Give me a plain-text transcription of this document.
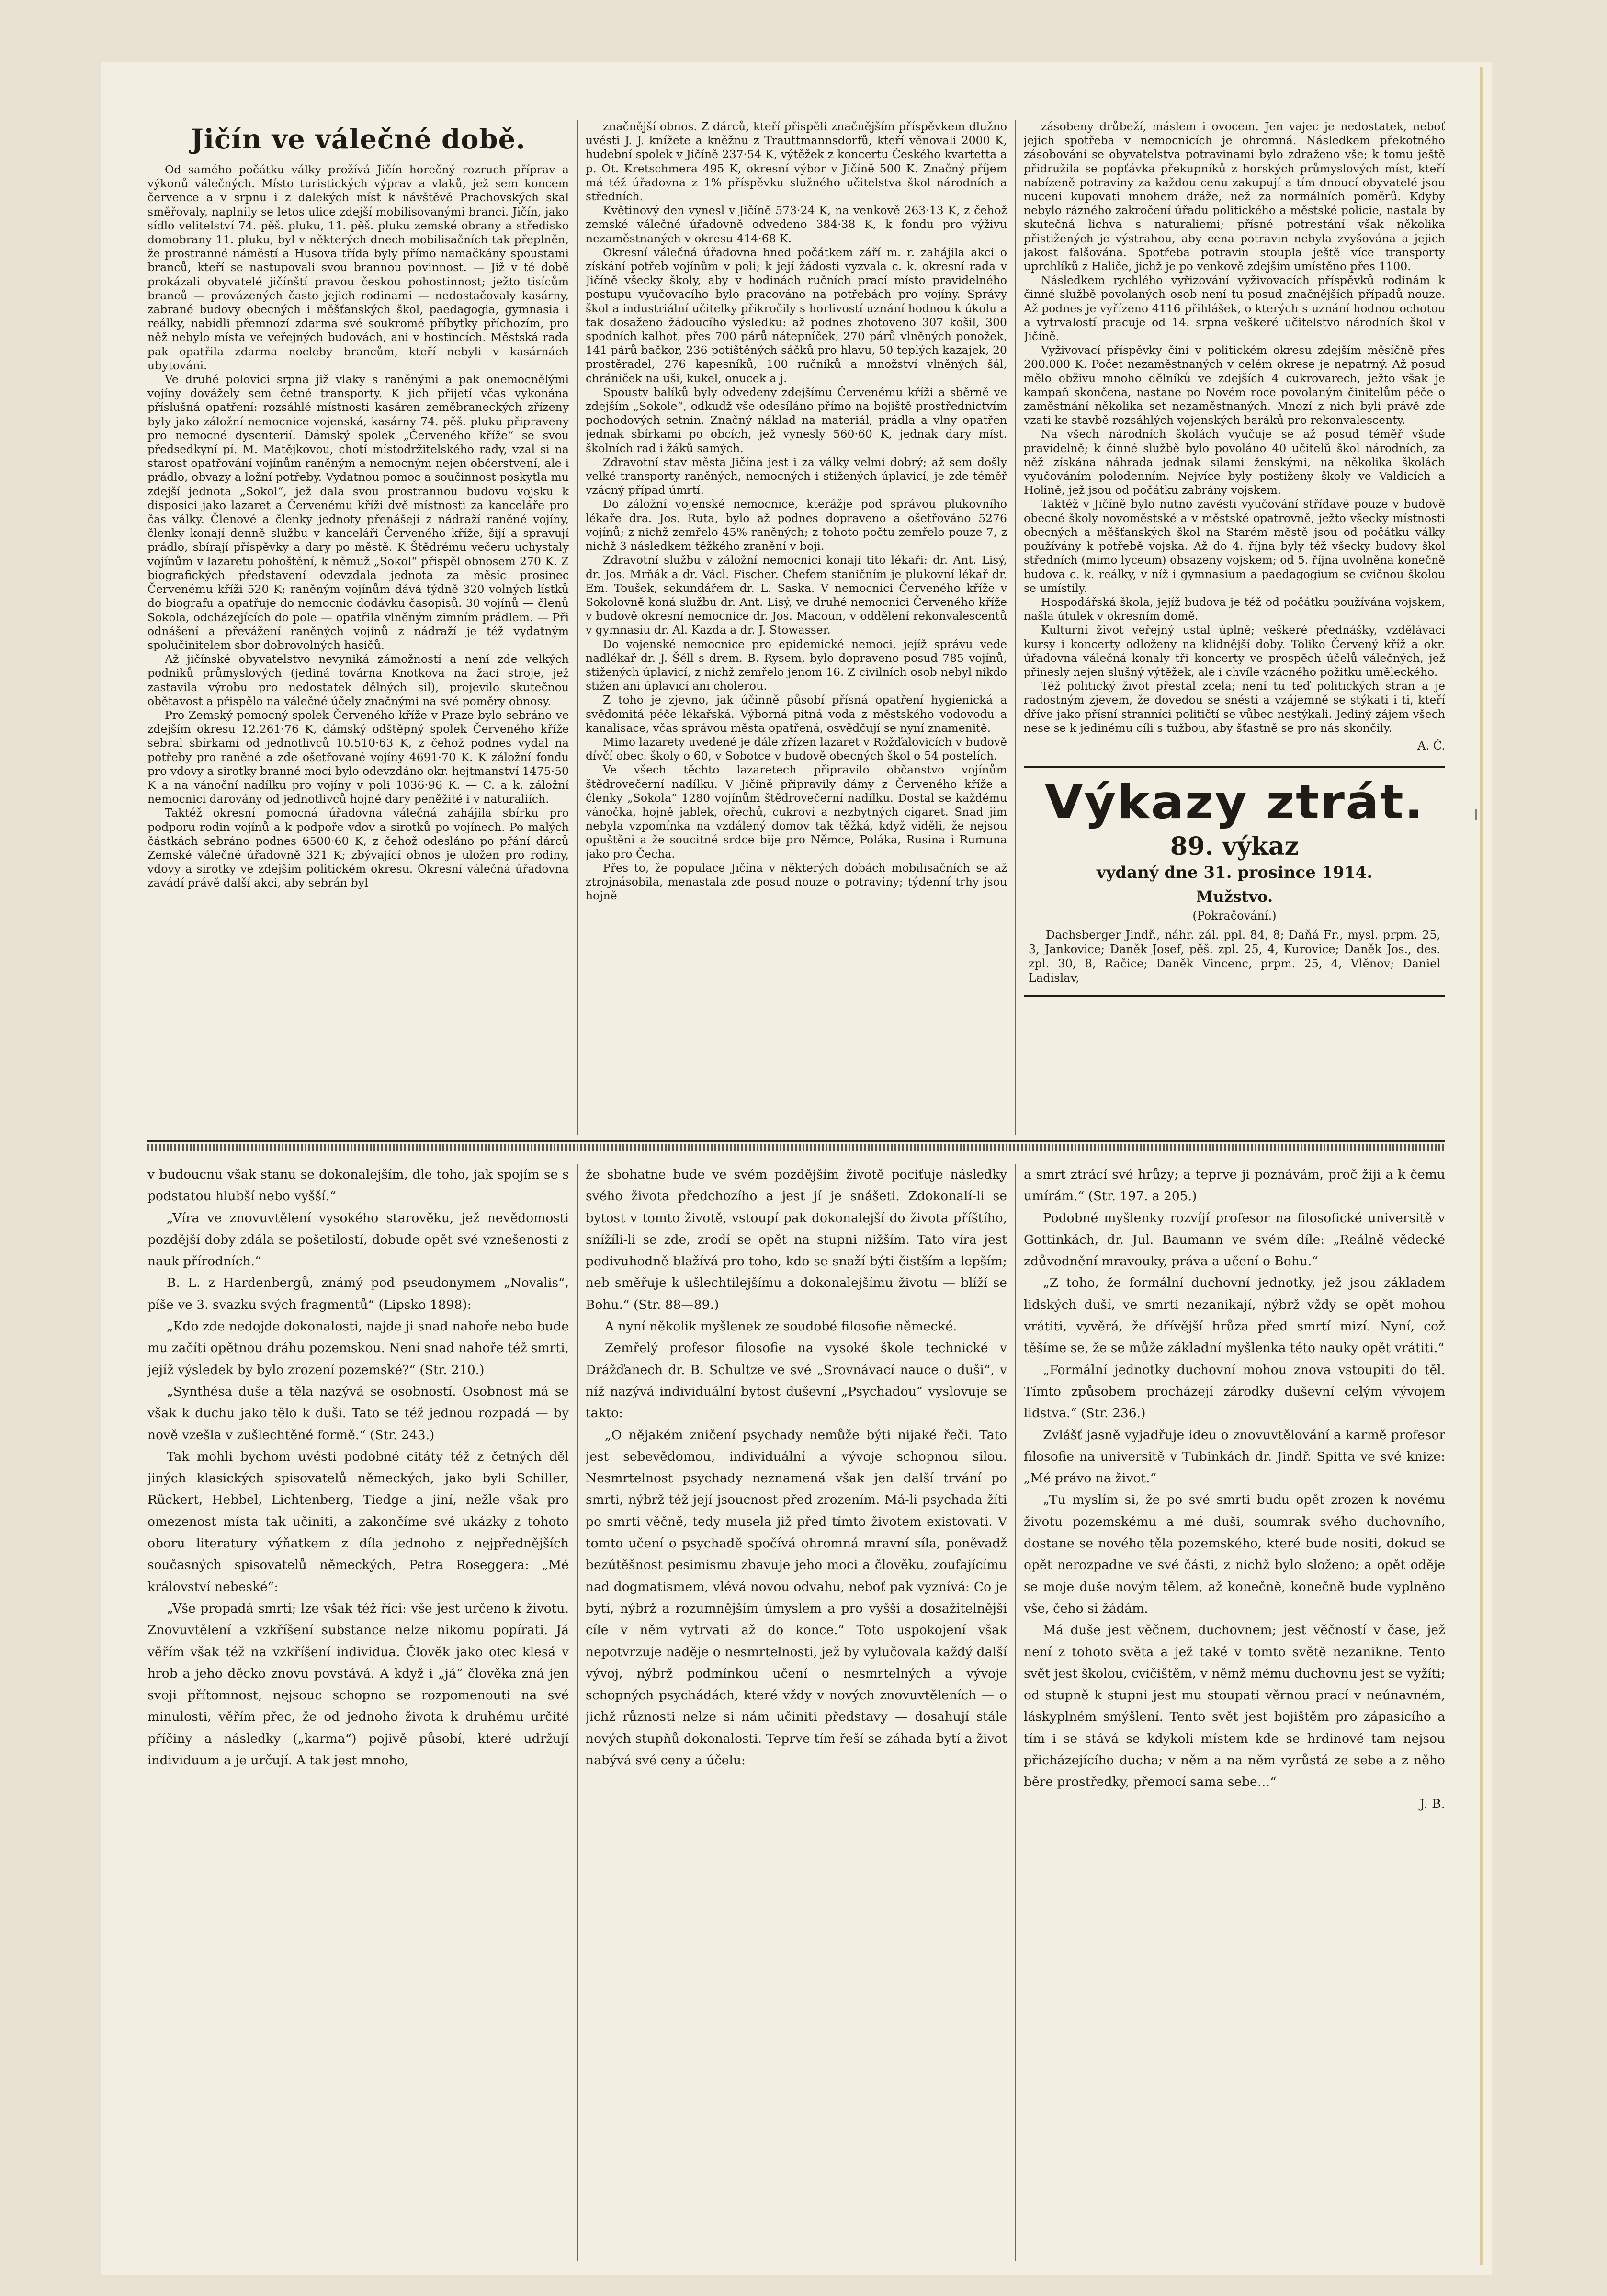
Jičín ve válečné době.

Od samého počátku války prožívá Jičín horečný rozruch příprav a výkonů válečných. Místo turistických výprav a vlaků, jež sem koncem července a v srpnu i z dalekých míst k návštěvě Prachovských skal směřovaly, naplnily se letos ulice zdejší mobilisovanými branci. Jičín, jako sídlo velitelství 74. pěš. pluku, 11. pěš. pluku zemské obrany a středisko domobrany 11. pluku, byl v některých dnech mobilisačních tak přeplněn, že prostranné náměstí a Husova třída byly přímo namačkány spoustami branců, kteří se nastupovali svou brannou povinnost. — Již v té době prokázali obyvatelé jičínští pravou českou pohostinnost; ježto tisícům branců — provázených často jejich rodinami — nedostačovaly kasárny, zabrané budovy obecných i měšťanských škol, paedagogia, gymnasia i reálky, nabídli přemnozí zdarma své soukromé příbytky příchozím, pro něž nebylo místa ve veřejných budovách, ani v hostincích. Městská rada pak opatřila zdarma nocleby brancům, kteří nebyli v kasárnách ubytováni.

Ve druhé polovici srpna již vlaky s raněnými a pak onemocnělými vojíny dovážely sem četné transporty. K jich přijetí včas vykonána příslušná opatření: rozsáhlé místnosti kasáren zeměbraneckých zřízeny byly jako záložní nemocnice vojenská, kasárny 74. pěš. pluku připraveny pro nemocné dysenterií. Dámský spolek „Červeného kříže“ se svou předsedkyní pí. M. Matějkovou, chotí místodržitelského rady, vzal si na starost opatřování vojínům raněným a nemocným nejen občerstvení, ale i prádlo, obvazy a ložní potřeby. Vydatnou pomoc a součinnost poskytla mu zdejší jednota „Sokol“, jež dala svou prostrannou budovu vojsku k disposici jako lazaret a Červenému kříži dvě místnosti za kanceláře pro čas války. Členové a členky jednoty přenášejí z nádraží raněné vojíny, členky konají denně službu v kanceláři Červeného kříže, šijí a spravují prádlo, sbírají příspěvky a dary po městě. K Štědrému večeru uchystaly vojínům v lazaretu pohoštění, k němuž „Sokol“ přispěl obnosem 270 K. Z biografických představení odevzdala jednota za měsíc prosinec Červenému kříži 520 K; raněným vojínům dává týdně 320 volných lístků do biografu a opatřuje do nemocnic dodávku časopisů. 30 vojínů — členů Sokola, odcházejících do pole — opatřila vlněným zimním prádlem. — Při odnášení a převážení raněných vojínů z nádraží je též vydatným spolučinitelem sbor dobrovolných hasičů.

Až jičínské obyvatelstvo nevyniká zámožností a není zde velkých podniků průmyslových (jediná továrna Knotkova na žací stroje, jež zastavila výrobu pro nedostatek dělných sil), projevilo skutečnou obětavost a přispělo na válečné účely značnými na své poměry obnosy.

Pro Zemský pomocný spolek Červeného kříže v Praze bylo sebráno ve zdejším okresu 12.261·76 K, dámský odštěpný spolek Červeného kříže sebral sbírkami od jednotlivců 10.510·63 K, z čehož podnes vydal na potřeby pro raněné a zde ošetřované vojíny 4691·70 K. K záložní fondu pro vdovy a sirotky branné moci bylo odevzdáno okr. hejtmanství 1475·50 K a na vánoční nadílku pro vojíny v poli 1036·96 K. — C. a k. záložní nemocnici darovány od jednotlivců hojné dary peněžité i v naturaliích.

Taktéž okresní pomocná úřadovna válečná zahájila sbírku pro podporu rodin vojínů a k podpoře vdov a sirotků po vojínech. Po malých částkách sebráno podnes 6500·60 K, z čehož odesláno po přání dárců Zemské válečné úřadovně 321 K; zbývající obnos je uložen pro rodiny, vdovy a sirotky ve zdejším politickém okresu. Okresní válečná úřadovna zavádí právě další akci, aby sebrán byl

značnější obnos. Z dárců, kteří přispěli značnějším příspěvkem dlužno uvésti J. J. knížete a kněžnu z Trauttmannsdorfů, kteří věnovali 2000 K, hudební spolek v Jičíně 237·54 K, výtěžek z koncertu Českého kvartetta a p. Ot. Kretschmera 495 K, okresní výbor v Jičíně 500 K. Značný příjem má též úřadovna z 1% příspěvku služného učitelstva škol národních a středních.

Květinový den vynesl v Jičíně 573·24 K, na venkově 263·13 K, z čehož zemské válečné úřadovně odvedeno 384·38 K, k fondu pro výživu nezaměstnaných v okresu 414·68 K.

Okresní válečná úřadovna hned počátkem září m. r. zahájila akci o získání potřeb vojínům v poli; k její žádosti vyzvala c. k. okresní rada v Jičíně všecky školy, aby v hodinách ručních prací místo pravidelného postupu vyučovacího bylo pracováno na potřebách pro vojíny. Správy škol a industriální učitelky přikročily s horlivostí uznání hodnou k úkolu a tak dosaženo žádoucího výsledku: až podnes zhotoveno 307 košil, 300 spodních kalhot, přes 700 párů nátepníček, 270 párů vlněných ponožek, 141 párů bačkor, 236 potištěných sáčků pro hlavu, 50 teplých kazajek, 20 prostěradel, 276 kapesníků, 100 ručníků a množství vlněných šál, chrániček na uši, kukel, onucek a j.

Spousty balíků byly odvedeny zdejšímu Červenému kříži a sběrně ve zdejším „Sokole“, odkudž vše odesíláno přímo na bojiště prostřednictvím pochodových setnin. Značný náklad na materiál, prádla a vlny opatřen jednak sbírkami po obcích, jež vynesly 560·60 K, jednak dary míst. školních rad i žáků samých.

Zdravotní stav města Jičína jest i za války velmi dobrý; až sem došly velké transporty raněných, nemocných i stižených úplavicí, je zde téměř vzácný případ úmrtí.

Do záložní vojenské nemocnice, kterážje pod správou plukovního lékaře dra. Jos. Ruta, bylo až podnes dopraveno a ošetřováno 5276 vojínů; z nichž zemřelo 45% raněných; z tohoto počtu zemřelo pouze 7, z nichž 3 následkem těžkého zranění v boji.

Zdravotní službu v záložní nemocnici konají tito lékaři: dr. Ant. Lisý, dr. Jos. Mrňák a dr. Václ. Fischer. Chefem staničním je plukovní lékař dr. Em. Toušek, sekundářem dr. L. Saska. V nemocnici Červeného kříže v Sokolovně koná službu dr. Ant. Lisý, ve druhé nemocnici Červeného kříže v budově okresní nemocnice dr. Jos. Macoun, v oddělení rekonvalescentů v gymnasiu dr. Al. Kazda a dr. J. Stowasser.

Do vojenské nemocnice pro epidemické nemoci, jejíž správu vede nadlékař dr. J. Šéll s drem. B. Rysem, bylo dopraveno posud 785 vojínů, stižených úplavicí, z nichž zemřelo jenom 16. Z civilních osob nebyl nikdo stižen ani úplavicí ani cholerou.

Z toho je zjevno, jak účinně působí přísná opatření hygienická a svědomitá péče lékařská. Výborná pitná voda z městského vodovodu a kanalisace, včas správou města opatřená, osvědčují se nyní znamenitě.

Mimo lazarety uvedené je dále zřízen lazaret v Rožďalovicích v budově dívčí obec. školy o 60, v Sobotce v budově obecných škol o 54 postelích.

Ve všech těchto lazaretech připravilo občanstvo vojínům štědrovečerní nadílku. V Jičíně připravily dámy z Červeného kříže a členky „Sokola“ 1280 vojínům štědrovečerní nadílku. Dostal se každému vánočka, hojně jablek, ořechů, cukroví a nezbytných cigaret. Snad jim nebyla vzpomínka na vzdálený domov tak těžká, když viděli, že nejsou opuštěni a že soucitné srdce bije pro Němce, Poláka, Rusina i Rumuna jako pro Čecha.

Přes to, že populace Jičína v některých dobách mobilisačních se až ztrojnásobila, menastala zde posud nouze o potraviny; týdenní trhy jsou hojně

zásobeny drůbeží, máslem i ovocem. Jen vajec je nedostatek, neboť jejich spotřeba v nemocnicích je ohromná. Následkem překotného zásobování se obyvatelstva potravinami bylo zdraženo vše; k tomu ještě přidružila se popťávka překupníků z horských průmyslových míst, kteří nabízeně potraviny za každou cenu zakupují a tím dnoucí obyvatelé jsou nuceni kupovati mnohem dráže, než za normálních poměrů. Kdyby nebylo rázného zakročení úřadu politického a městské policie, nastala by skutečná lichva s naturaliemi; přísné potrestání však několika přistižených je výstrahou, aby cena potravin nebyla zvyšována a jejich jakost falšována. Spotřeba potravin stoupla ještě více transporty uprchlíků z Haliče, jichž je po venkově zdejším umístěno přes 1100.

Následkem rychlého vyřizování vyživovacích příspěvků rodinám k činné službě povolaných osob není tu posud značnějších případů nouze. Až podnes je vyřízeno 4116 přihlášek, o kterých s uznání hodnou ochotou a vytrvalostí pracuje od 14. srpna veškeré učitelstvo národních škol v Jičíně.

Vyživovací příspěvky činí v politickém okresu zdejším měsíčně přes 200.000 K. Počet nezaměstnaných v celém okrese je nepatrný. Až posud mělo obživu mnoho dělníků ve zdejších 4 cukrovarech, ježto však je kampaň skončena, nastane po Novém roce povolaným činitelům péče o zaměstnání několika set nezaměstnaných. Mnozí z nich byli právě zde vzati ke stavbě rozsáhlých vojenských baráků pro rekonvalescenty.

Na všech národních školách vyučuje se až posud téměř všude pravidelně; k činné službě bylo povoláno 40 učitelů škol národních, za něž získána náhrada jednak silami ženskými, na několika školách vyučováním polodenním. Nejvíce byly postiženy školy ve Valdicích a Holině, jež jsou od počátku zabrány vojskem.

Taktéž v Jičíně bylo nutno zavésti vyučování střídavé pouze v budově obecné školy novoměstské a v městské opatrovně, ježto všecky místnosti obecných a měšťanských škol na Starém městě jsou od počátku války používány k potřebě vojska. Až do 4. října byly též všecky budovy škol středních (mimo lyceum) obsazeny vojskem; od 5. října uvolněna konečně budova c. k. reálky, v níž i gymnasium a paedagogium se cvičnou školou se umístily.

Hospodářská škola, jejíž budova je též od počátku používána vojskem, našla útulek v okresním domě.

Kulturní život veřejný ustal úplně; veškeré přednášky, vzdělávací kursy i koncerty odloženy na klidnější doby. Toliko Červený kříž a okr. úřadovna válečná konaly tři koncerty ve prospěch účelů válečných, jež přinesly nejen slušný výtěžek, ale i chvíle vzácného požitku uměleckého.

Též politický život přestal zcela; není tu teď politických stran a je radostným zjevem, že dovedou se snésti a vzájemně se stýkati i ti, kteří dříve jako přísní stranníci političtí se vůbec nestýkali. Jediný zájem všech nese se k jedinému cíli s tužbou, aby šťastně se pro nás skončily.

A. Č.
Výkazy ztrát.
89. výkaz
vydaný dne 31. prosince 1914.
Mužstvo.
(Pokračování.)
Dachsberger Jindř., náhr. zál. ppl. 84, 8; Daňá Fr., mysl. prpm. 25, 3, Jankovice; Daněk Josef, pěš. zpl. 25, 4, Kurovice; Daněk Jos., des. zpl. 30, 8, Račice; Daněk Vincenc, prpm. 25, 4, Vlěnov; Daniel Ladislav,

v budoucnu však stanu se dokonalejším, dle toho, jak spojím se s podstatou hlubší nebo vyšší.“

„Víra ve znovuvtělení vysokého starověku, jež nevědomosti pozdější doby zdála se pošetilostí, dobude opět své vznešenosti z nauk přírodních.“

B. L. z Hardenbergů, známý pod pseudonymem „Novalis“, píše ve 3. svazku svých fragmentů“ (Lipsko 1898):

„Kdo zde nedojde dokonalosti, najde ji snad nahoře nebo bude mu začíti opětnou dráhu pozemskou. Není snad nahoře též smrti, jejíž výsledek by bylo zrození pozemské?“ (Str. 210.)

„Synthésa duše a těla nazývá se osobností. Osobnost má se však k duchu jako tělo k duši. Tato se též jednou rozpadá — by nově vzešla v zušlechtěné formě.“ (Str. 243.)

Tak mohli bychom uvésti podobné citáty též z četných děl jiných klasických spisovatelů německých, jako byli Schiller, Rückert, Hebbel, Lichtenberg, Tiedge a jiní, nežle však pro omezenost místa tak učiniti, a zakončíme své ukázky z tohoto oboru literatury výňatkem z díla jednoho z nejpřednějších současných spisovatelů německých, Petra Roseggera: „Mé království nebeské“:

„Vše propadá smrti; lze však též říci: vše jest určeno k životu. Znovuvtělení a vzkříšení substance nelze nikomu popírati. Já věřím však též na vzkříšení individua. Člověk jako otec klesá v hrob a jeho děcko znovu povstává. A když i „já“ člověka zná jen svoji přítomnost, nejsouc schopno se rozpomenouti na své minulosti, věřím přec, že od jednoho života k druhému určité příčiny a následky („karma“) pojivě působí, které udržují individuum a je určují. A tak jest mnoho,

že sbohatne bude ve svém pozdějším životě pociťuje následky svého života předchozího a jest jí je snášeti. Zdokonalí-li se bytost v tomto životě, vstoupí pak dokonalejší do života příštího, snížíli-li se zde, zrodí se opět na stupni nižším. Tato víra jest podivuhodně blažívá pro toho, kdo se snaží býti čistším a lepším; neb směřuje k ušlechtilejšímu a dokonalejšímu životu — blíží se Bohu.“ (Str. 88—89.)

A nyní několik myšlenek ze soudobé filosofie německé.

Zemřelý profesor filosofie na vysoké škole technické v Drážďanech dr. B. Schultze ve své „Srovnávací nauce o duši“, v níž nazývá individuální bytost duševní „Psychadou“ vyslovuje se takto:

„O nějakém zničení psychady nemůže býti nijaké řeči. Tato jest sebevědomou, individuální a vývoje schopnou silou. Nesmrtelnost psychady neznamená však jen další trvání po smrti, nýbrž též její jsoucnost před zrozením. Má-li psychada žíti po smrti věčně, tedy musela již před tímto životem existovati. V tomto učení o psychadě spočívá ohromná mravní síla, poněvadž bezútěšnost pesimismu zbavuje jeho moci a člověku, zoufajícímu nad dogmatismem, vlévá novou odvahu, neboť pak vyznívá: Co je bytí, nýbrž a rozumnějším úmyslem a pro vyšší a dosažitelnější cíle v něm vytrvati až do konce.“ Toto uspokojení však nepotvrzuje naděje o nesmrtelnosti, jež by vylučovala každý další vývoj, nýbrž podmínkou učení o nesmrtelných a vývoje schopných psychádách, které vždy v nových znovuvtěleních — o jichž různosti nelze si nám učiniti představy — dosahují stále nových stupňů dokonalosti. Teprve tím řeší se záhada bytí a život nabývá své ceny a účelu:

a smrt ztrácí své hrůzy; a teprve ji poznávám, proč žiji a k čemu umírám.“ (Str. 197. a 205.)

Podobné myšlenky rozvíjí profesor na filosofické universitě v Gottinkách, dr. Jul. Baumann ve svém díle: „Reálně vědecké zdůvodnění mravouky, práva a učení o Bohu.“

„Z toho, že formální duchovní jednotky, jež jsou základem lidských duší, ve smrti nezanikají, nýbrž vždy se opět mohou vrátiti, vyvěrá, že dřívější hrůza před smrtí mizí. Nyní, což těšíme se, že se může základní myšlenka této nauky opět vrátiti.“

„Formální jednotky duchovní mohou znova vstoupiti do těl. Tímto způsobem procházejí zárodky duševní celým vývojem lidstva.“ (Str. 236.)

Zvlášť jasně vyjadřuje ideu o znovuvtělování a karmě profesor filosofie na universitě v Tubinkách dr. Jindř. Spitta ve své knize: „Mé právo na život.“

„Tu myslím si, že po své smrti budu opět zrozen k novému životu pozemskému a mé duši, soumrak svého duchovního, dostane se nového těla pozemského, které bude nositi, dokud se opět nerozpadne ve své části, z nichž bylo složeno; a opět oděje se moje duše novým tělem, až konečně, konečně bude vyplněno vše, čeho si žádám.

Má duše jest věčnem, duchovnem; jest věčností v čase, jež není z tohoto světa a jež také v tomto světě nezanikne. Tento svět jest školou, cvičištěm, v němž mému duchovnu jest se vyžíti; od stupně k stupni jest mu stoupati věrnou prací v neúnavném, láskyplném smýšlení. Tento svět jest bojištěm pro zápasícího a tím i se stává se kdykoli místem kde se hrdinové tam nejsou přicházejícího ducha; v něm a na něm vyrůstá ze sebe a z něho běre prostředky, přemocí sama sebe…“

J. B.
